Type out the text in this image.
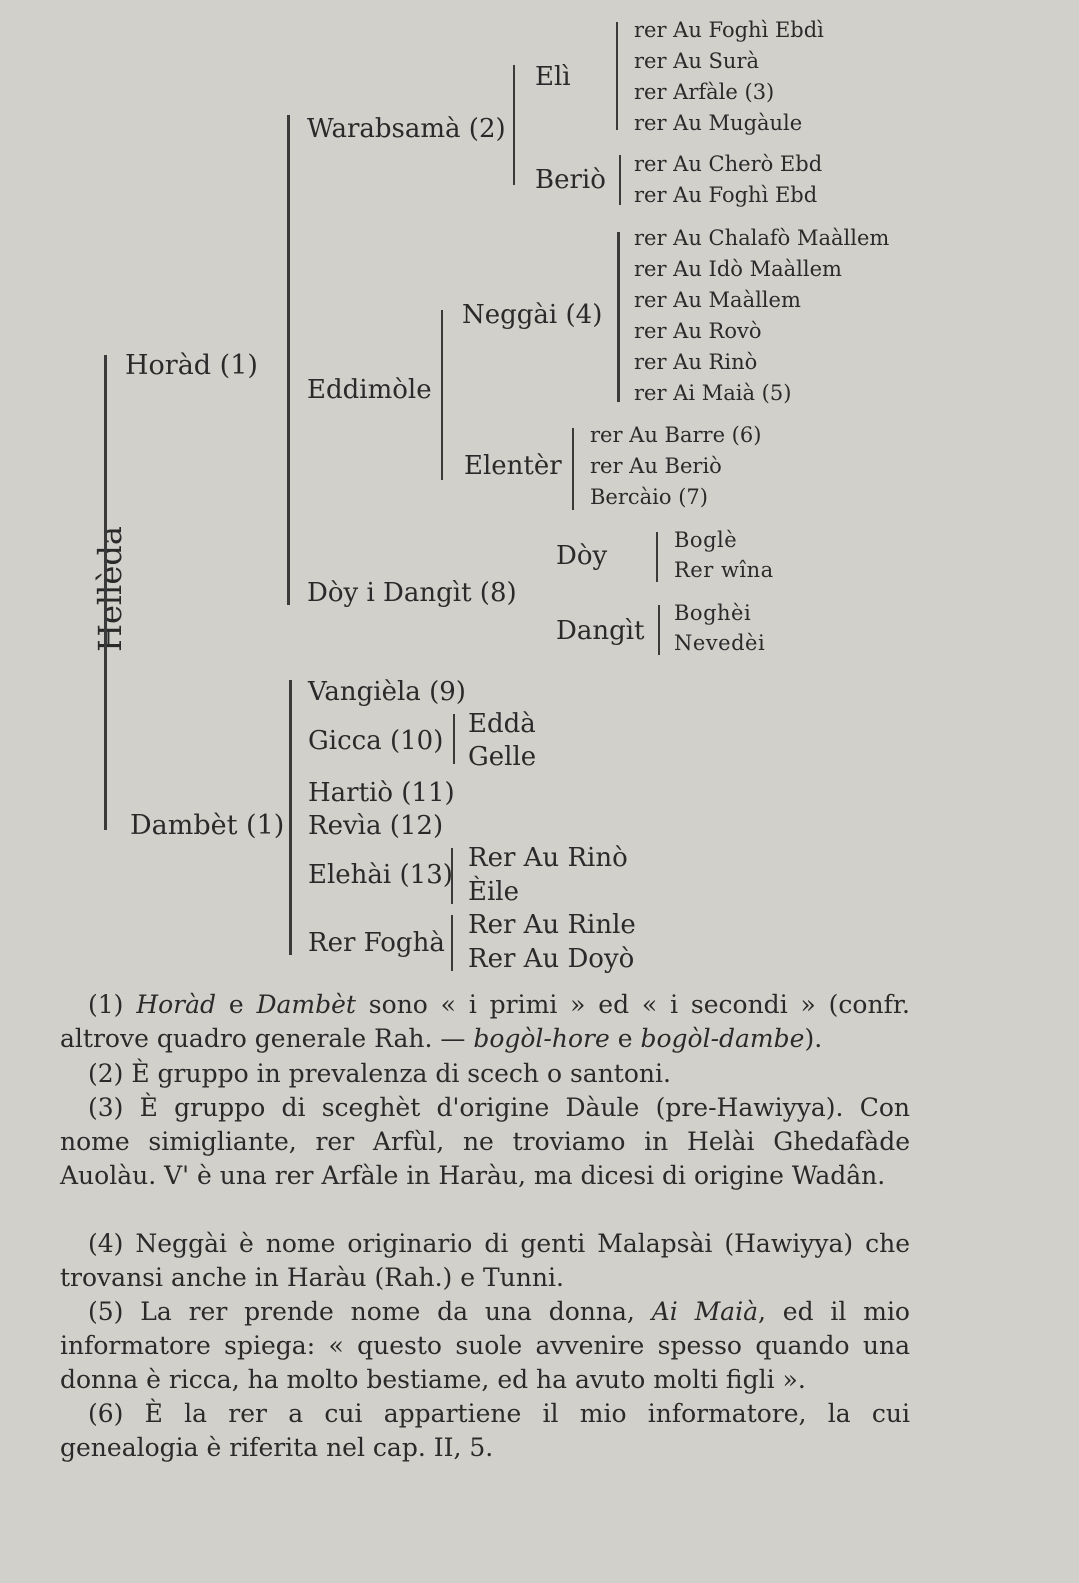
Hellèda
Horàd (1)
Warabsamà (2)
Elì
rer Au Foghì Ebdì
rer Au Surà
rer Arfàle (3)
rer Au Mugàule
Beriò
rer Au Cherò Ebd
rer Au Foghì Ebd
Eddimòle
Neggài (4)
rer Au Chalafò Maàllem
rer Au Idò Maàllem
rer Au Maàllem
rer Au Rovò
rer Au Rinò
rer Ai Maià (5)
Elentèr
rer Au Barre (6)
rer Au Beriò
Bercàio (7)
Dòy i Dangìt (8)
Dòy
Boglè
Rer wîna
Dangìt
Boghèi
Nevedèi
Dambèt (1)
Vangièla (9)
Gicca (10)
Eddà
Gelle
Hartiò (11)
Revìa (12)
Elehài (13)
Rer Au Rinò
Èile
Rer Foghà
Rer Au Rinle
Rer Au Doyò
(1) Horàd e Dambèt sono « i primi » ed « i secondi » (confr. altrove quadro generale Rah. — bogòl-hore e bogòl-dambe).
(2) È gruppo in prevalenza di scech o santoni.
(3) È gruppo di sceghèt d'origine Dàule (pre-Hawiyya). Con nome simigliante, rer Arfùl, ne troviamo in Helài Ghedafàde Auolàu. V' è una rer Arfàle in Haràu, ma dicesi di origine Wadân.
(4) Neggài è nome originario di genti Malapsài (Hawiyya) che trovansi anche in Haràu (Rah.) e Tunni.
(5) La rer prende nome da una donna, Ai Maià, ed il mio informatore spiega: « questo suole avvenire spesso quando una donna è ricca, ha molto bestiame, ed ha avuto molti figli ».
(6) È la rer a cui appartiene il mio informatore, la cui genealogia è riferita nel cap. II, 5.
